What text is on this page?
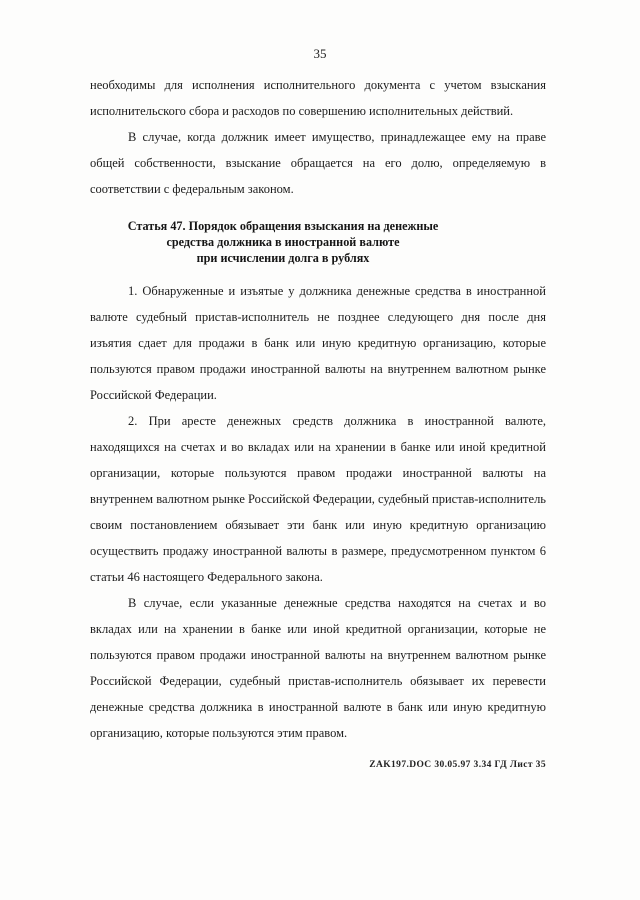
35

необходимы для исполнения исполнительного документа с учетом взыскания исполнительского сбора и расходов по совершению исполнительных действий.

В случае, когда должник имеет имущество, принадлежащее ему на праве общей собственности, взыскание обращается на его долю, определяемую в соответствии с федеральным законом.

Статья 47. Порядок обращения взыскания на денежные
средства должника в иностранной валюте
при исчислении долга в рублях

1. Обнаруженные и изъятые у должника денежные средства в иностранной валюте судебный пристав-исполнитель не позднее следующего дня после дня изъятия сдает для продажи в банк или иную кредитную организацию, которые пользуются правом продажи иностранной валюты на внутреннем валютном рынке Российской Федерации.

2. При аресте денежных средств должника в иностранной валюте, находящихся на счетах и во вкладах или на хранении в банке или иной кредитной организации, которые пользуются правом продажи иностранной валюты на внутреннем валютном рынке Российской Федерации, судебный пристав-исполнитель своим постановлением обязывает эти банк или иную кредитную организацию осуществить продажу иностранной валюты в размере, предусмотренном пунктом 6 статьи 46 настоящего Федерального закона.

В случае, если указанные денежные средства находятся на счетах и во вкладах или на хранении в банке или иной кредитной организации, которые не пользуются правом продажи иностранной валюты на внутреннем валютном рынке Российской Федерации, судебный пристав-исполнитель обязывает их перевести денежные средства должника в иностранной валюте в банк или иную кредитную организацию, которые пользуются этим правом.

ZAK197.DOC 30.05.97 3.34 ГД Лист 35
